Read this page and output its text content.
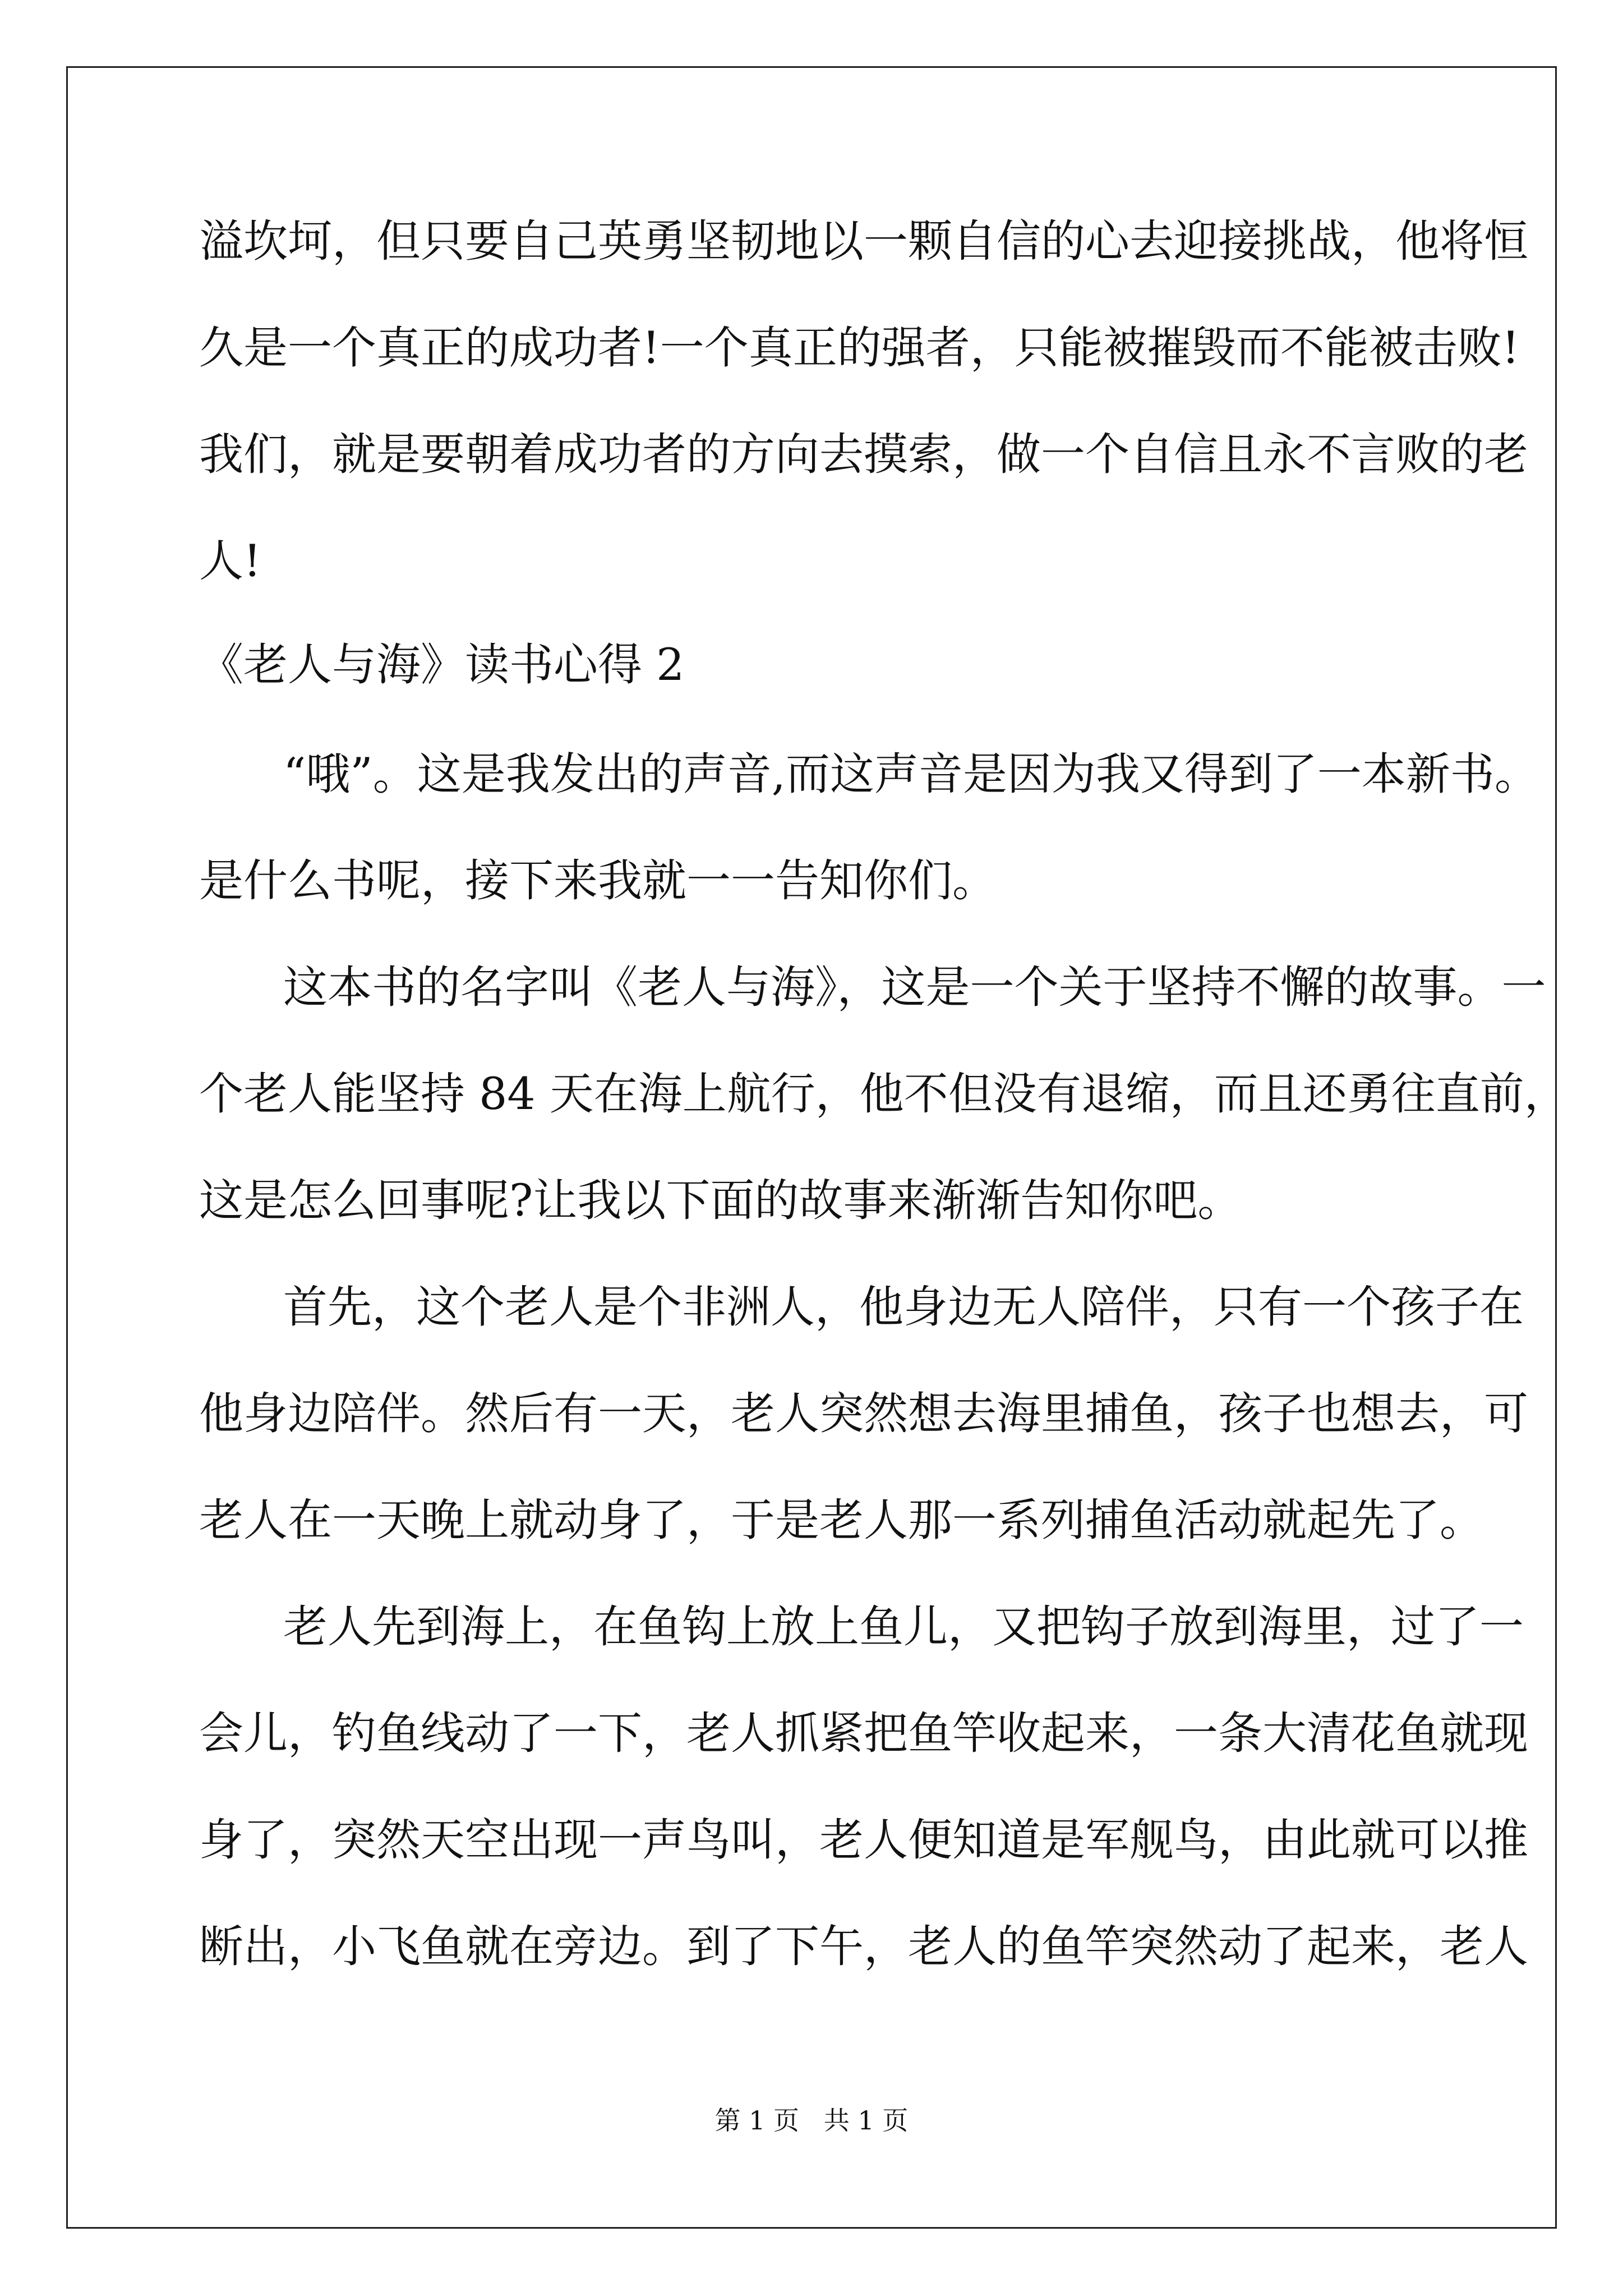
溢坎坷，但只要自己英勇坚韧地以一颗自信的心去迎接挑战，他将恒
久是一个真正的成功者!一个真正的强者，只能被摧毁而不能被击败!
我们，就是要朝着成功者的方向去摸索，做一个自信且永不言败的老
人!
《老人与海》读书心得 2
“哦”。这是我发出的声音,而这声音是因为我又得到了一本新书。
是什么书呢，接下来我就一一告知你们。
这本书的名字叫《老人与海》，这是一个关于坚持不懈的故事。一
个老人能坚持 84 天在海上航行，他不但没有退缩，而且还勇往直前，
这是怎么回事呢?让我以下面的故事来渐渐告知你吧。
首先，这个老人是个非洲人，他身边无人陪伴，只有一个孩子在
他身边陪伴。然后有一天，老人突然想去海里捕鱼，孩子也想去，可
老人在一天晚上就动身了，于是老人那一系列捕鱼活动就起先了。
老人先到海上，在鱼钩上放上鱼儿，又把钩子放到海里，过了一
会儿，钓鱼线动了一下，老人抓紧把鱼竿收起来，一条大清花鱼就现
身了，突然天空出现一声鸟叫，老人便知道是军舰鸟，由此就可以推
断出，小飞鱼就在旁边。到了下午，老人的鱼竿突然动了起来，老人
第 1 页   共 1 页
